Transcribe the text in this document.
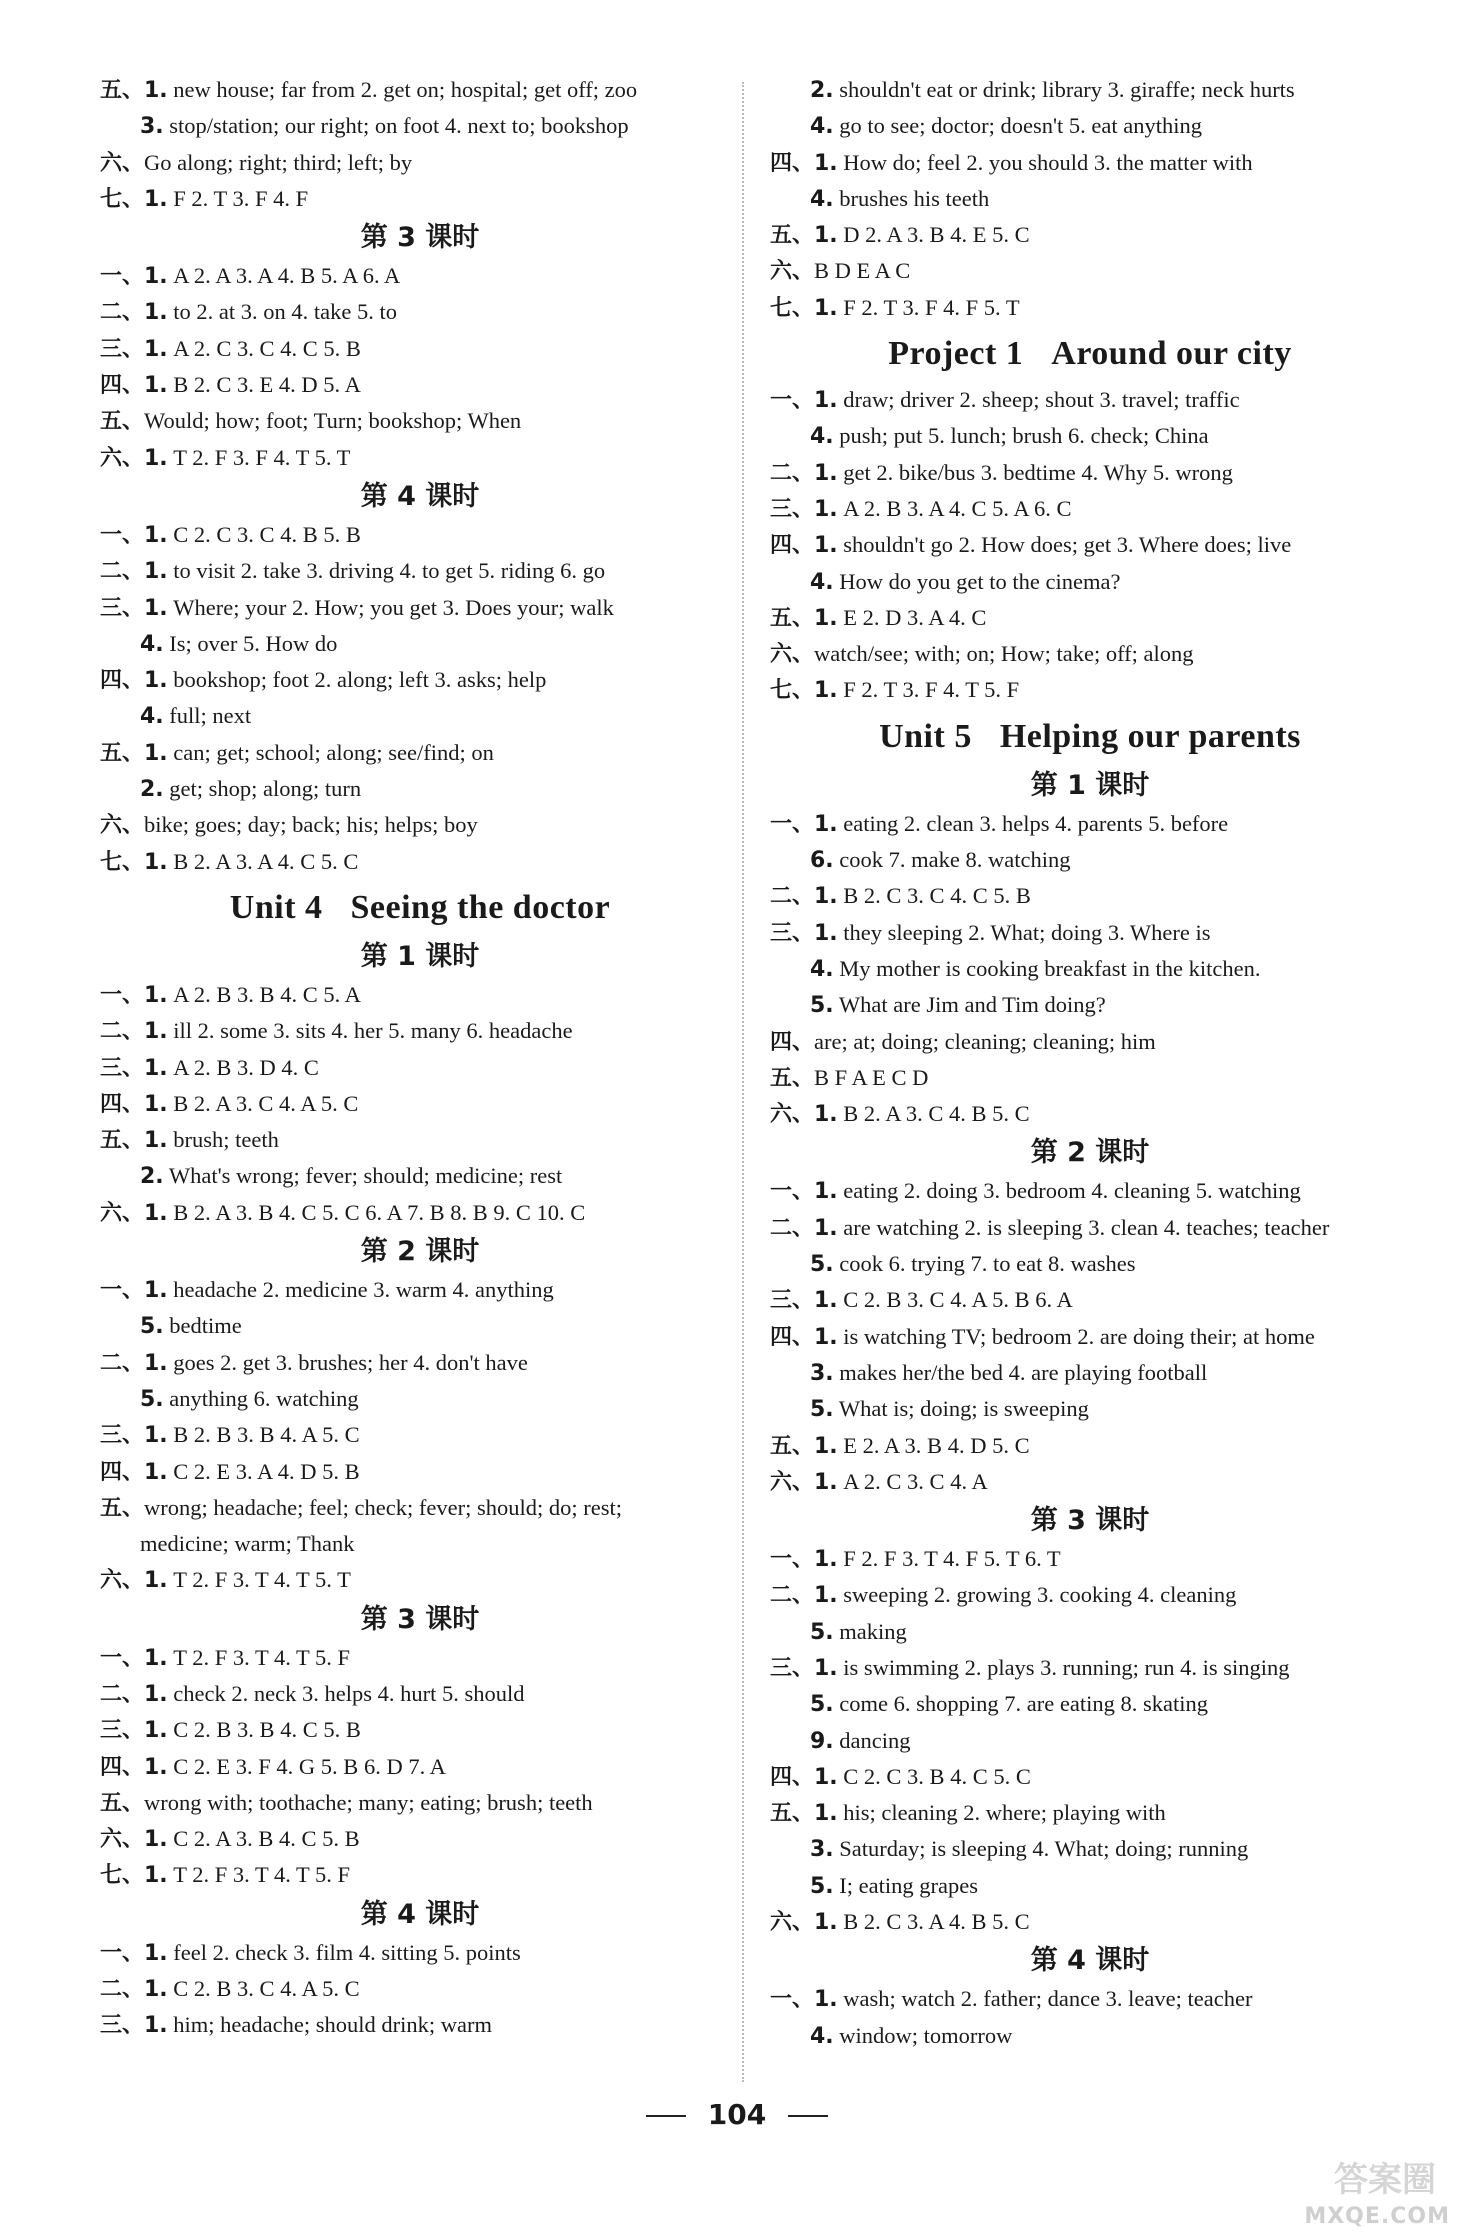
五、1. new house; far from 2. get on; hospital; get off; zoo
3. stop/station; our right; on foot 4. next to; bookshop
六、Go along; right; third; left; by
七、1. F 2. T 3. F 4. F
第 3 课时
一、1. A 2. A 3. A 4. B 5. A 6. A
二、1. to 2. at 3. on 4. take 5. to
三、1. A 2. C 3. C 4. C 5. B
四、1. B 2. C 3. E 4. D 5. A
五、Would; how; foot; Turn; bookshop; When
六、1. T 2. F 3. F 4. T 5. T
第 4 课时
一、1. C 2. C 3. C 4. B 5. B
二、1. to visit 2. take 3. driving 4. to get 5. riding 6. go
三、1. Where; your 2. How; you get 3. Does your; walk
4. Is; over 5. How do
四、1. bookshop; foot 2. along; left 3. asks; help
4. full; next
五、1. can; get; school; along; see/find; on
2. get; shop; along; turn
六、bike; goes; day; back; his; helps; boy
七、1. B 2. A 3. A 4. C 5. C
Unit 4 Seeing the doctor
第 1 课时
一、1. A 2. B 3. B 4. C 5. A
二、1. ill 2. some 3. sits 4. her 5. many 6. headache
三、1. A 2. B 3. D 4. C
四、1. B 2. A 3. C 4. A 5. C
五、1. brush; teeth
2. What's wrong; fever; should; medicine; rest
六、1. B 2. A 3. B 4. C 5. C 6. A 7. B 8. B 9. C 10. C
第 2 课时
一、1. headache 2. medicine 3. warm 4. anything
5. bedtime
二、1. goes 2. get 3. brushes; her 4. don't have
5. anything 6. watching
三、1. B 2. B 3. B 4. A 5. C
四、1. C 2. E 3. A 4. D 5. B
五、wrong; headache; feel; check; fever; should; do; rest;
medicine; warm; Thank
六、1. T 2. F 3. T 4. T 5. T
第 3 课时
一、1. T 2. F 3. T 4. T 5. F
二、1. check 2. neck 3. helps 4. hurt 5. should
三、1. C 2. B 3. B 4. C 5. B
四、1. C 2. E 3. F 4. G 5. B 6. D 7. A
五、wrong with; toothache; many; eating; brush; teeth
六、1. C 2. A 3. B 4. C 5. B
七、1. T 2. F 3. T 4. T 5. F
第 4 课时
一、1. feel 2. check 3. film 4. sitting 5. points
二、1. C 2. B 3. C 4. A 5. C
三、1. him; headache; should drink; warm
2. shouldn't eat or drink; library 3. giraffe; neck hurts
4. go to see; doctor; doesn't 5. eat anything
四、1. How do; feel 2. you should 3. the matter with
4. brushes his teeth
五、1. D 2. A 3. B 4. E 5. C
六、B D E A C
七、1. F 2. T 3. F 4. F 5. T
Project 1 Around our city
一、1. draw; driver 2. sheep; shout 3. travel; traffic
4. push; put 5. lunch; brush 6. check; China
二、1. get 2. bike/bus 3. bedtime 4. Why 5. wrong
三、1. A 2. B 3. A 4. C 5. A 6. C
四、1. shouldn't go 2. How does; get 3. Where does; live
4. How do you get to the cinema?
五、1. E 2. D 3. A 4. C
六、watch/see; with; on; How; take; off; along
七、1. F 2. T 3. F 4. T 5. F
Unit 5 Helping our parents
第 1 课时
一、1. eating 2. clean 3. helps 4. parents 5. before
6. cook 7. make 8. watching
二、1. B 2. C 3. C 4. C 5. B
三、1. they sleeping 2. What; doing 3. Where is
4. My mother is cooking breakfast in the kitchen.
5. What are Jim and Tim doing?
四、are; at; doing; cleaning; cleaning; him
五、B F A E C D
六、1. B 2. A 3. C 4. B 5. C
第 2 课时
一、1. eating 2. doing 3. bedroom 4. cleaning 5. watching
二、1. are watching 2. is sleeping 3. clean 4. teaches; teacher
5. cook 6. trying 7. to eat 8. washes
三、1. C 2. B 3. C 4. A 5. B 6. A
四、1. is watching TV; bedroom 2. are doing their; at home
3. makes her/the bed 4. are playing football
5. What is; doing; is sweeping
五、1. E 2. A 3. B 4. D 5. C
六、1. A 2. C 3. C 4. A
第 3 课时
一、1. F 2. F 3. T 4. F 5. T 6. T
二、1. sweeping 2. growing 3. cooking 4. cleaning
5. making
三、1. is swimming 2. plays 3. running; run 4. is singing
5. come 6. shopping 7. are eating 8. skating
9. dancing
四、1. C 2. C 3. B 4. C 5. C
五、1. his; cleaning 2. where; playing with
3. Saturday; is sleeping 4. What; doing; running
5. I; eating grapes
六、1. B 2. C 3. A 4. B 5. C
第 4 课时
一、1. wash; watch 2. father; dance 3. leave; teacher
4. window; tomorrow
104
答案圈
MXQE.COM
